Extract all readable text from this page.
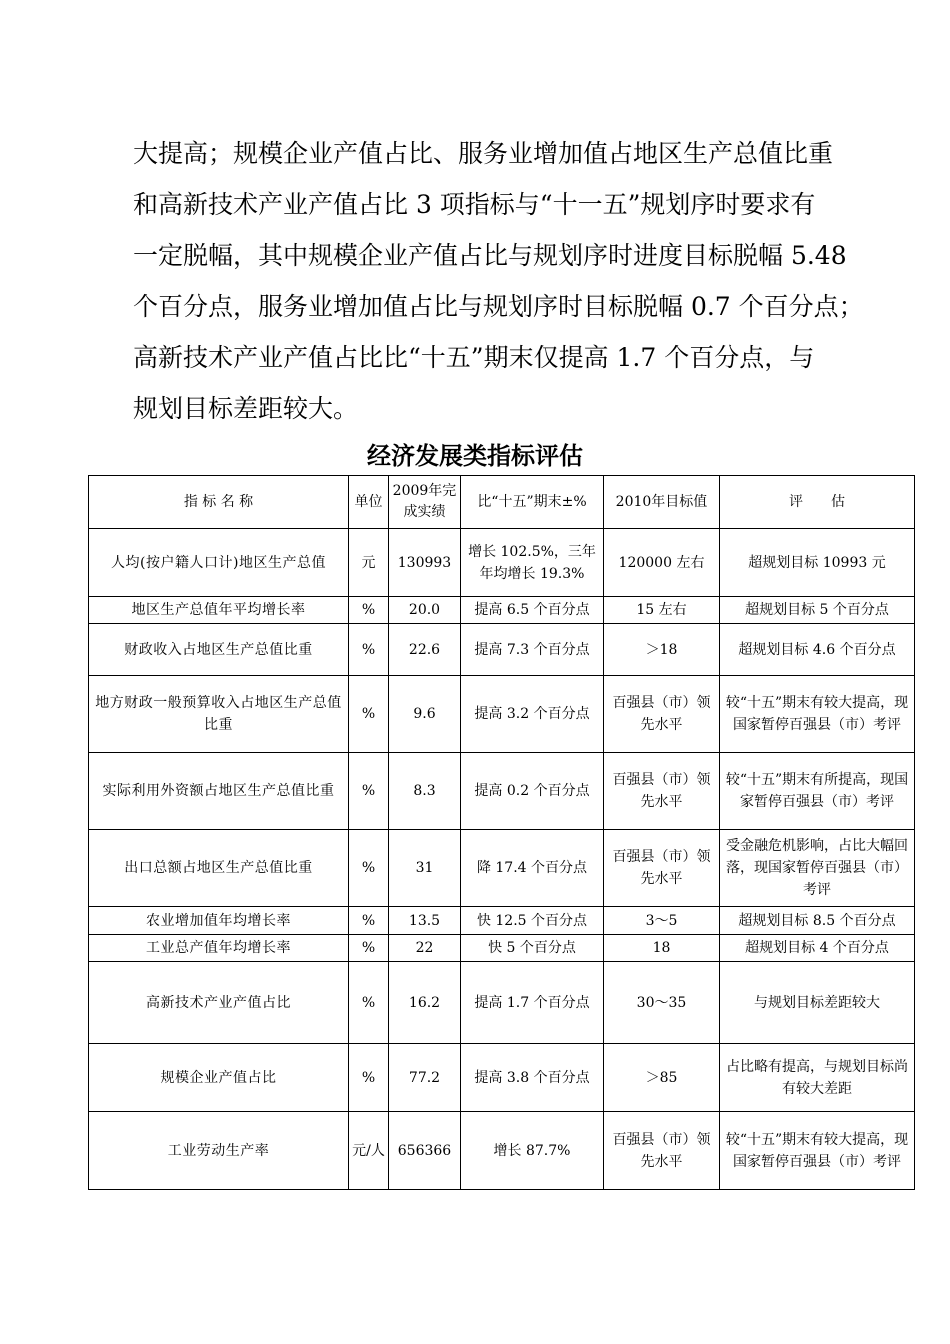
大提高；规模企业产值占比、服务业增加值占地区生产总值比重

和高新技术产业产值占比 3 项指标与“十一五”规划序时要求有

一定脱幅，其中规模企业产值占比与规划序时进度目标脱幅 5.48

个百分点，服务业增加值占比与规划序时目标脱幅 0.7 个百分点；

高新技术产业产值占比比“十五”期末仅提高 1.7 个百分点，与

规划目标差距较大。

经济发展类指标评估
指 标 名 称	单位	2009年完成实绩	比“十五”期末±%	2010年目标值	评　　估
人均(按户籍人口计)地区生产总值	元	130993	增长 102.5%，三年年均增长 19.3%	120000 左右	超规划目标 10993 元
地区生产总值年平均增长率	%	20.0	提高 6.5 个百分点	15 左右	超规划目标 5 个百分点
财政收入占地区生产总值比重	%	22.6	提高 7.3 个百分点	＞18	超规划目标 4.6 个百分点
地方财政一般预算收入占地区生产总值比重	%	9.6	提高 3.2 个百分点	百强县（市）领先水平	较“十五”期末有较大提高，现国家暂停百强县（市）考评
实际利用外资额占地区生产总值比重	%	8.3	提高 0.2 个百分点	百强县（市）领先水平	较“十五”期末有所提高，现国家暂停百强县（市）考评
出口总额占地区生产总值比重	%	31	降 17.4 个百分点	百强县（市）领先水平	受金融危机影响，占比大幅回落，现国家暂停百强县（市）考评
农业增加值年均增长率	%	13.5	快 12.5 个百分点	3～5	超规划目标 8.5 个百分点
工业总产值年均增长率	%	22	快 5 个百分点	18	超规划目标 4 个百分点
高新技术产业产值占比	%	16.2	提高 1.7 个百分点	30～35	与规划目标差距较大
规模企业产值占比	%	77.2	提高 3.8 个百分点	＞85	占比略有提高，与规划目标尚有较大差距
工业劳动生产率	元/人	656366	增长 87.7%	百强县（市）领先水平	较“十五”期末有较大提高，现国家暂停百强县（市）考评
